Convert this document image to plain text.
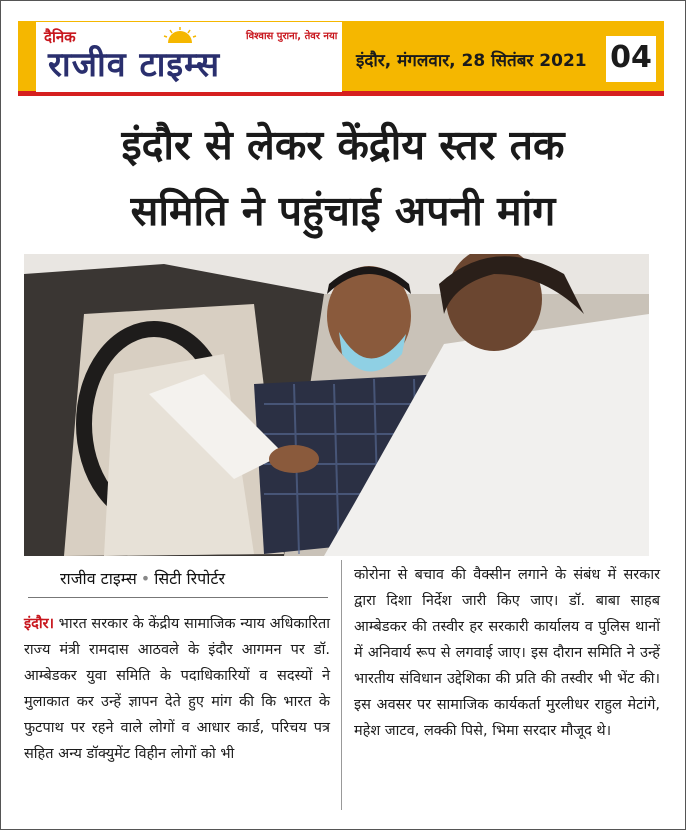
दैनिक	विश्वास पुराना, तेवर नया
राजीव टाइम्स	इंदौर, मंगलवार, 28 सितंबर 2021 04
इंदौर से लेकर केंद्रीय स्तर तक
समिति ने पहुंचाई अपनी मांग
राजीव टाइम्स • सिटी रिपोर्टर
इंदौर। भारत सरकार के केंद्रीय सामाजिक न्याय अधिकारिता राज्य मंत्री रामदास आठवले के इंदौर आगमन पर डॉ. आम्बेडकर युवा समिति के पदाधिकारियों व सदस्यों ने मुलाकात कर उन्हें ज्ञापन देते हुए मांग की कि भारत के फुटपाथ पर रहने वाले लोगों व आधार कार्ड, परिचय पत्र सहित अन्य डॉक्युमेंट विहीन लोगों को भी
कोरोना से बचाव की वैक्सीन लगाने के संबंध में सरकार द्वारा दिशा निर्देश जारी किए जाए। डॉ. बाबा साहब आम्बेडकर की तस्वीर हर सरकारी कार्यालय व पुलिस थानों में अनिवार्य रूप से लगवाई जाए। इस दौरान समिति ने उन्हें भारतीय संविधान उद्देशिका की प्रति की तस्वीर भी भेंट की। इस अवसर पर सामाजिक कार्यकर्ता मुरलीधर राहुल मेटांगे, महेश जाटव, लक्की पिसे, भिमा सरदार मौजूद थे।
